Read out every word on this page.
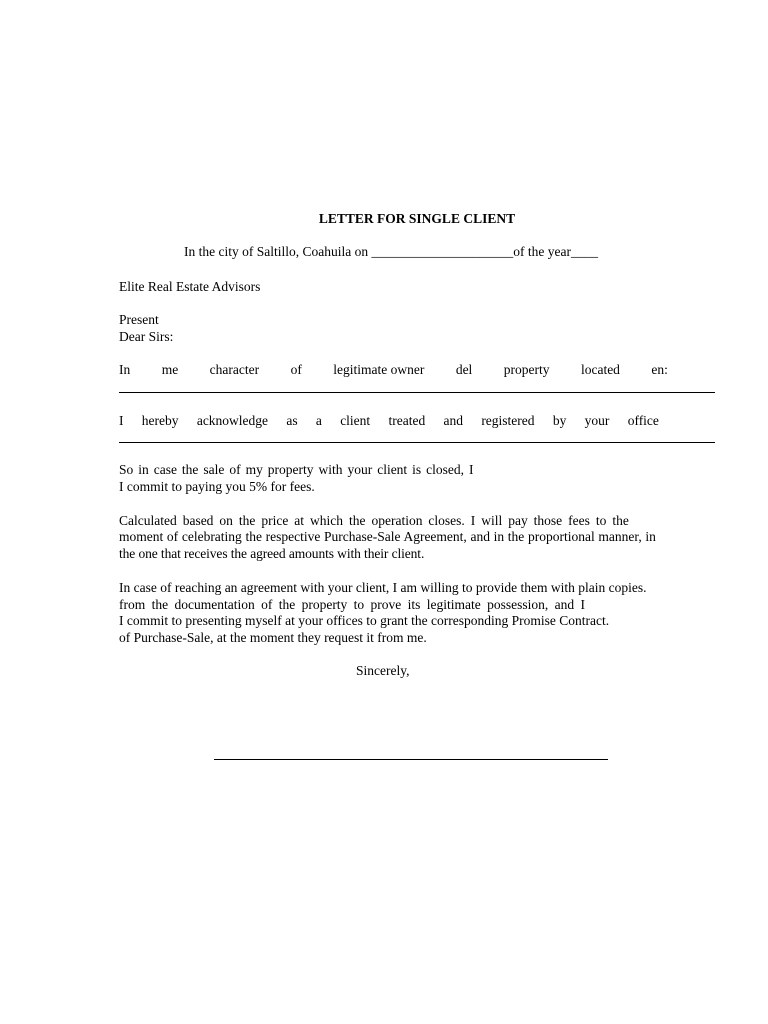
LETTER FOR SINGLE CLIENT
In the city of Saltillo, Coahuila on _____________________of the year____
Elite Real Estate Advisors
Present
Dear Sirs:
In me character of legitimate owner del property located en:
I hereby acknowledge as a client treated and registered by your office
So in case the sale of my property with your client is closed, I
I commit to paying you 5% for fees.
Calculated based on the price at which the operation closes. I will pay those fees to the
moment of celebrating the respective Purchase-Sale Agreement, and in the proportional manner, in
the one that receives the agreed amounts with their client.
In case of reaching an agreement with your client, I am willing to provide them with plain copies.
from the documentation of the property to prove its legitimate possession, and I
I commit to presenting myself at your offices to grant the corresponding Promise Contract.
of Purchase-Sale, at the moment they request it from me.
Sincerely,
